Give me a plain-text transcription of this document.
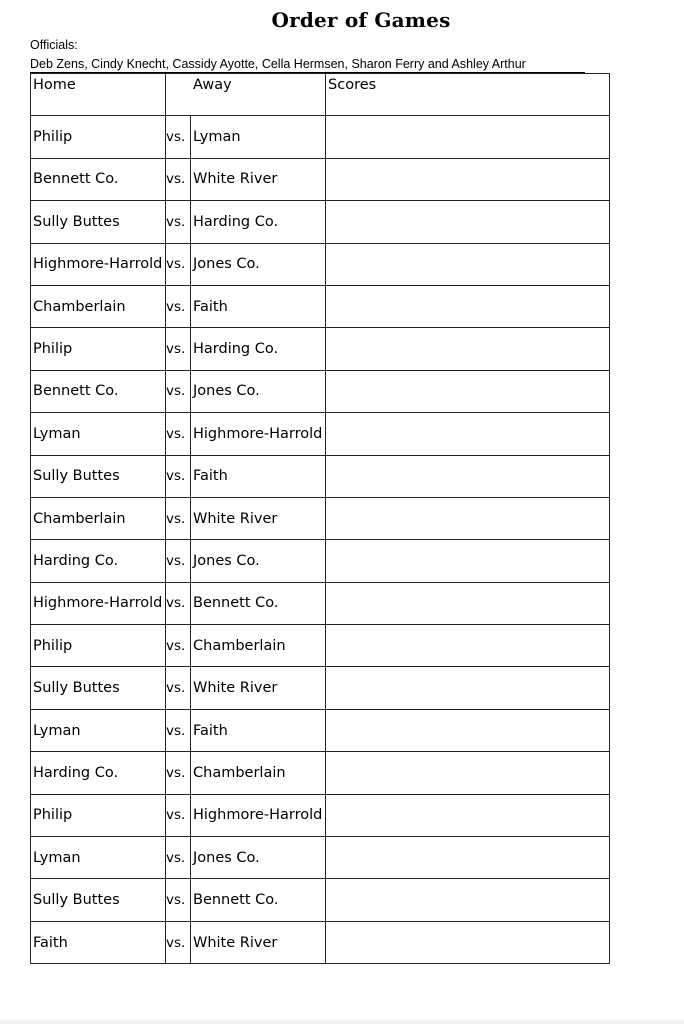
Order of Games
Officials:
Deb Zens, Cindy Knecht, Cassidy Ayotte, Cella Hermsen, Sharon Ferry and Ashley Arthur
Home	Away		Scores
Philip	vs.	Lyman	
Bennett Co.	vs.	White River	
Sully Buttes	vs.	Harding Co.	
Highmore-Harrold	vs.	Jones Co.	
Chamberlain	vs.	Faith	
Philip	vs.	Harding Co.	
Bennett Co.	vs.	Jones Co.	
Lyman	vs.	Highmore-Harrold	
Sully Buttes	vs.	Faith	
Chamberlain	vs.	White River	
Harding Co.	vs.	Jones Co.	
Highmore-Harrold	vs.	Bennett Co.	
Philip	vs.	Chamberlain	
Sully Buttes	vs.	White River	
Lyman	vs.	Faith	
Harding Co.	vs.	Chamberlain	
Philip	vs.	Highmore-Harrold	
Lyman	vs.	Jones Co.	
Sully Buttes	vs.	Bennett Co.	
Faith	vs.	White River	
